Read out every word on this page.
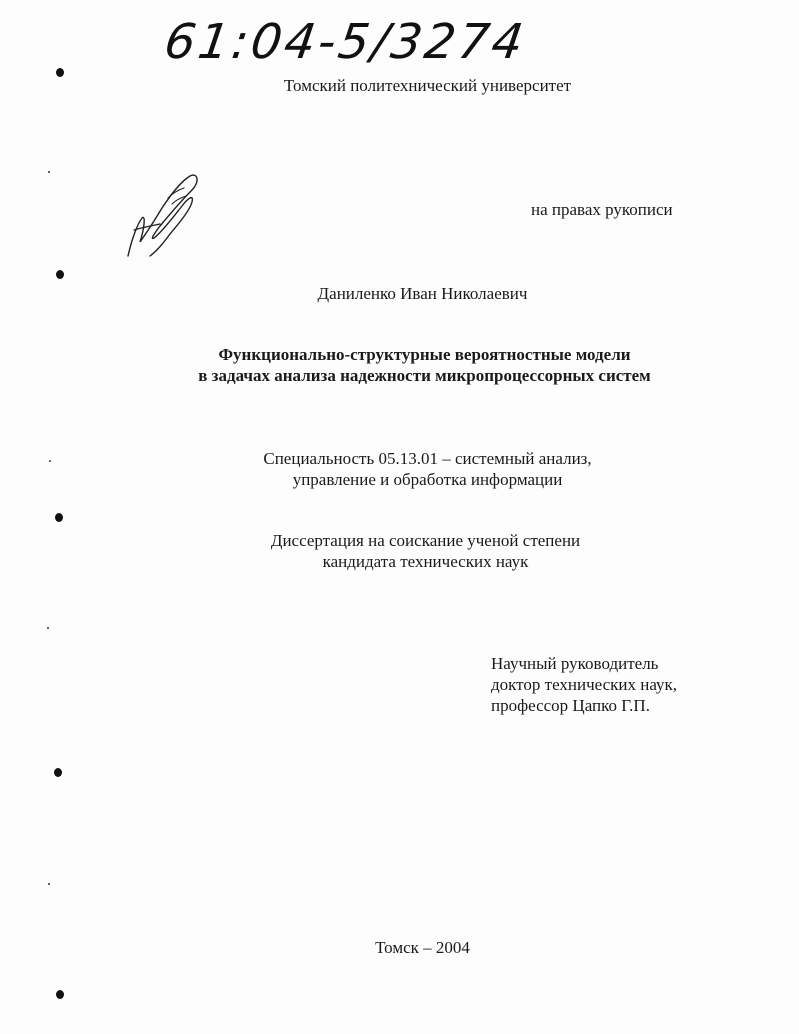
61:04-5/3274
Томский политехнический университет
на правах рукописи
Даниленко Иван Николаевич
Функционально-структурные вероятностные модели
в задачах анализа надежности микропроцессорных систем
Специальность 05.13.01 – системный анализ,
управление и обработка информации
Диссертация на соискание ученой степени
кандидата технических наук
Научный руководитель
доктор технических наук,
профессор Цапко Г.П.
Томск – 2004
